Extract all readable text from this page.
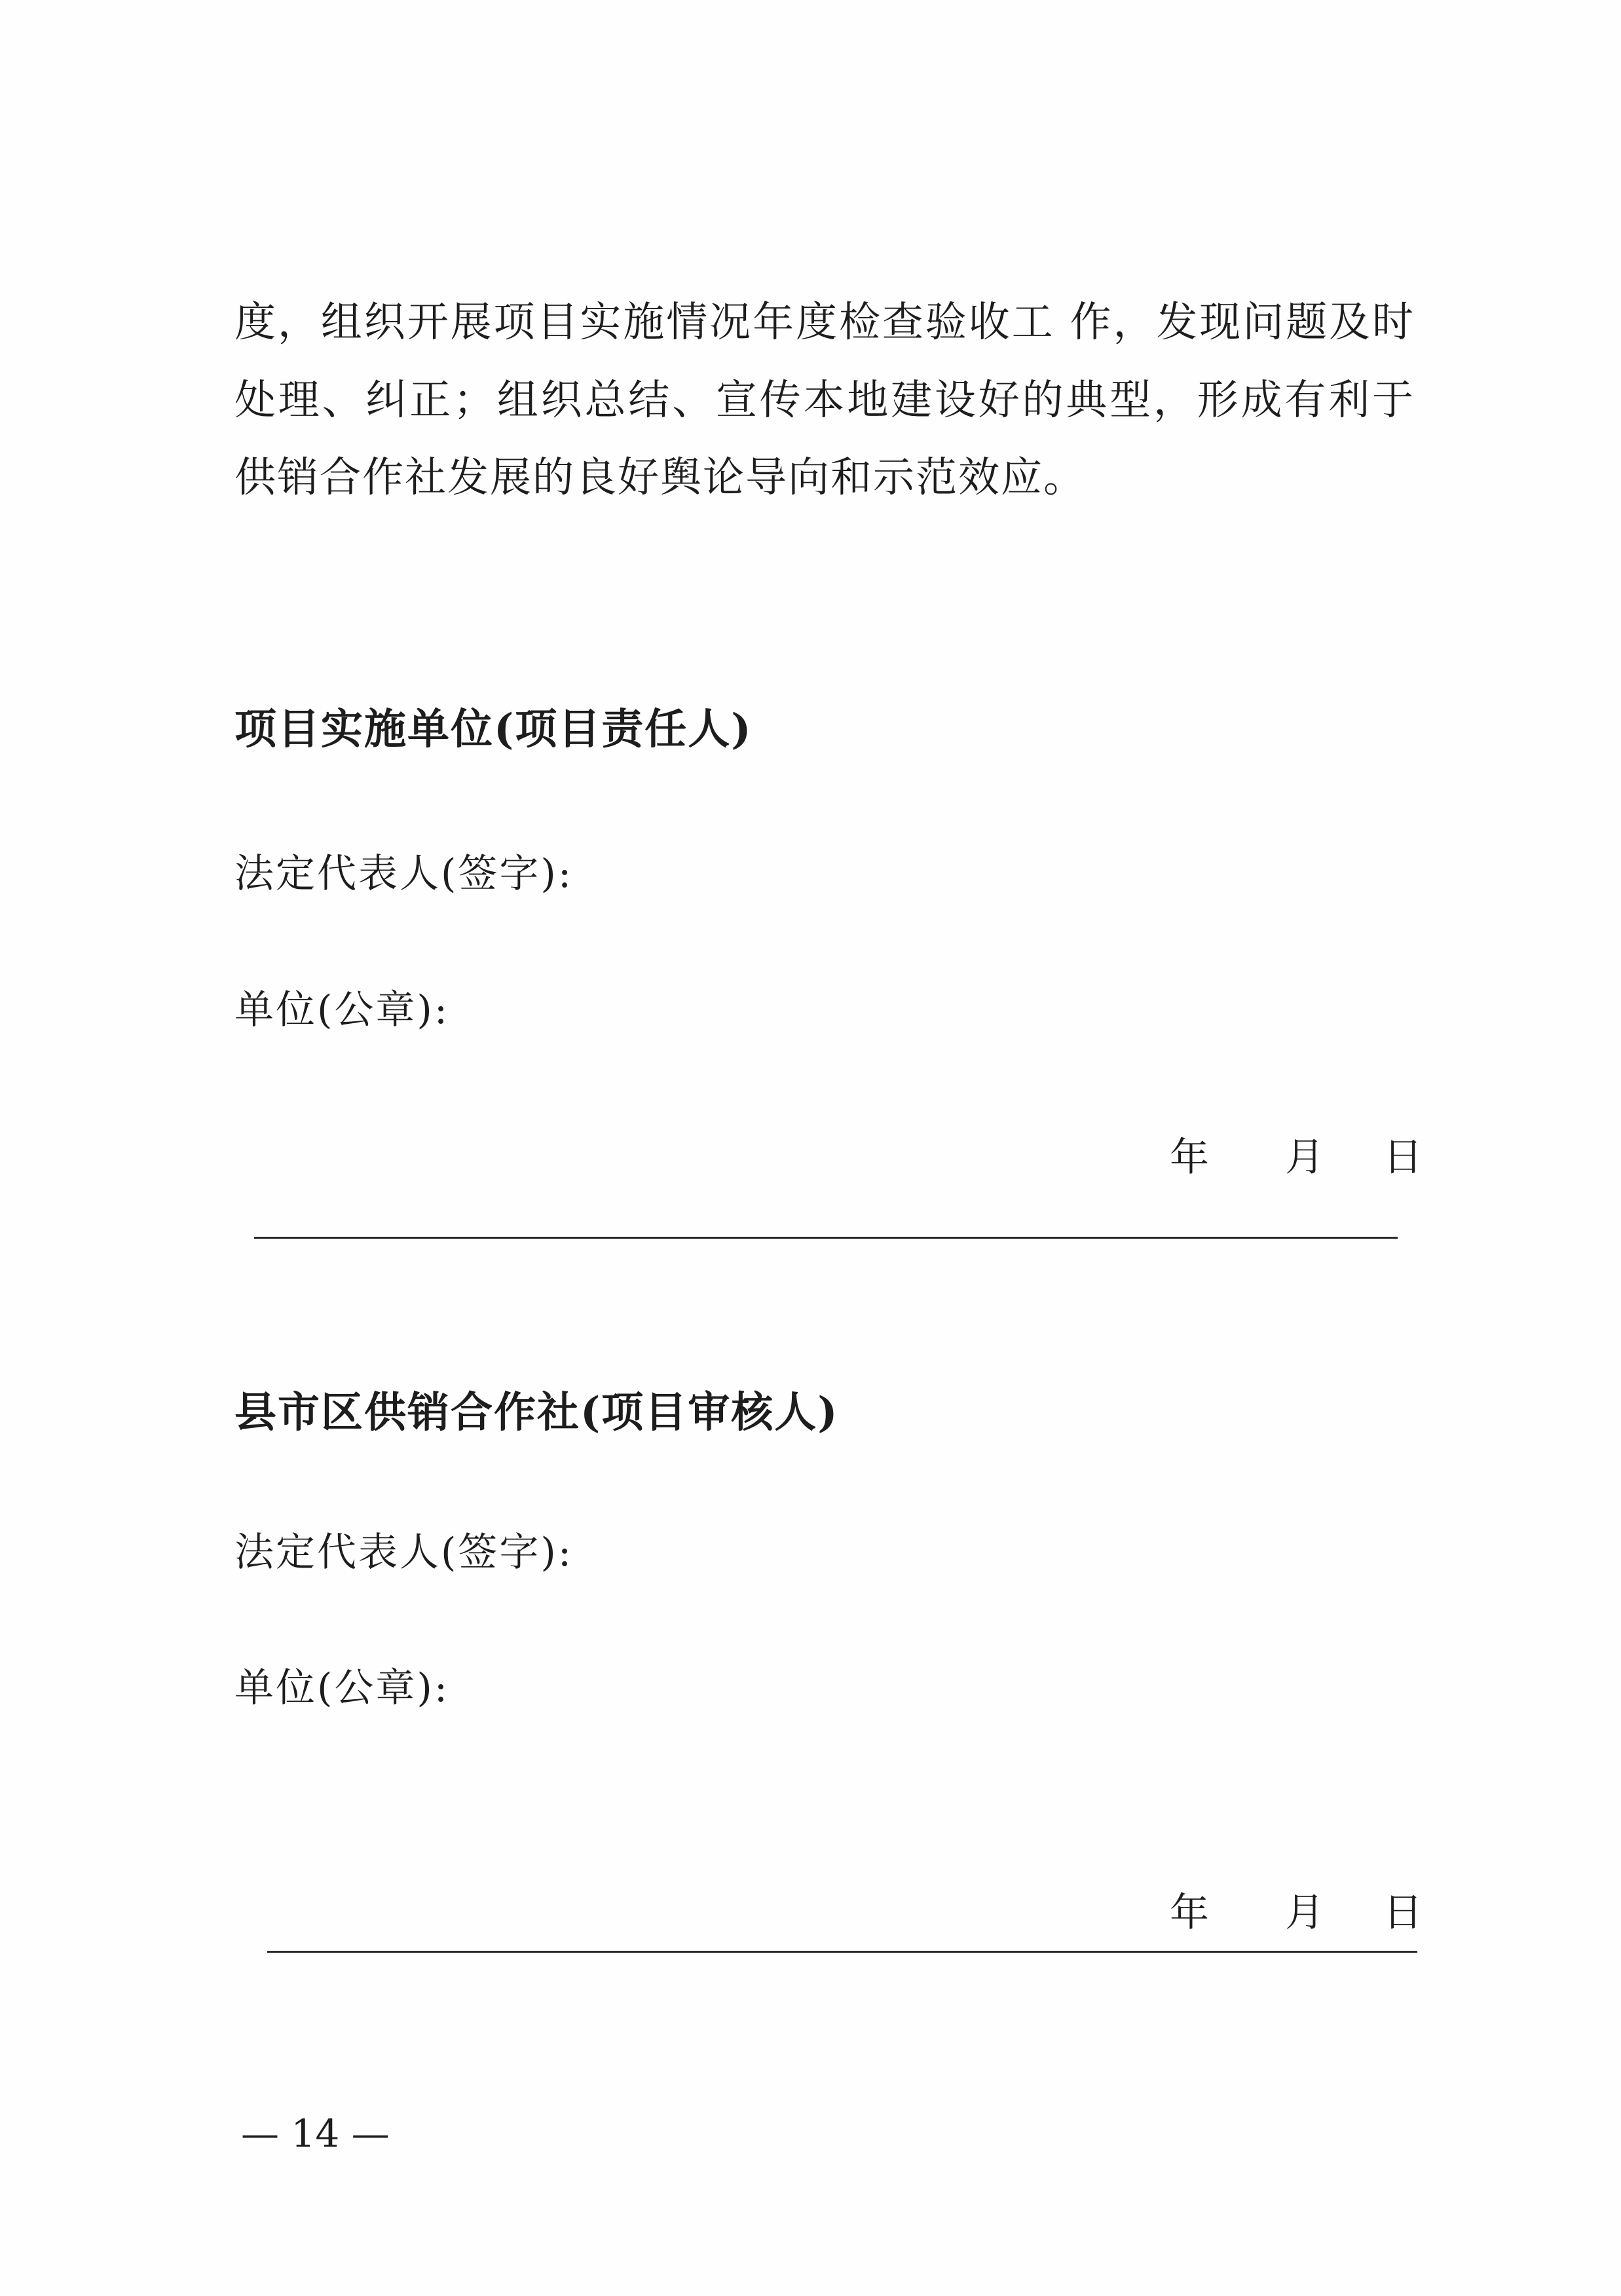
度，组织开展项目实施情况年度检查验收工 作，发现问题及时
处理、纠正；组织总结、宣传本地建设好的典型，形成有利于
供销合作社发展的良好舆论导向和示范效应。
项目实施单位(项目责任人)
法定代表人(签字):
单位(公章):
年 月 日
县市区供销合作社(项目审核人)
法定代表人(签字):
单位(公章):
年 月 日
— 14 —
